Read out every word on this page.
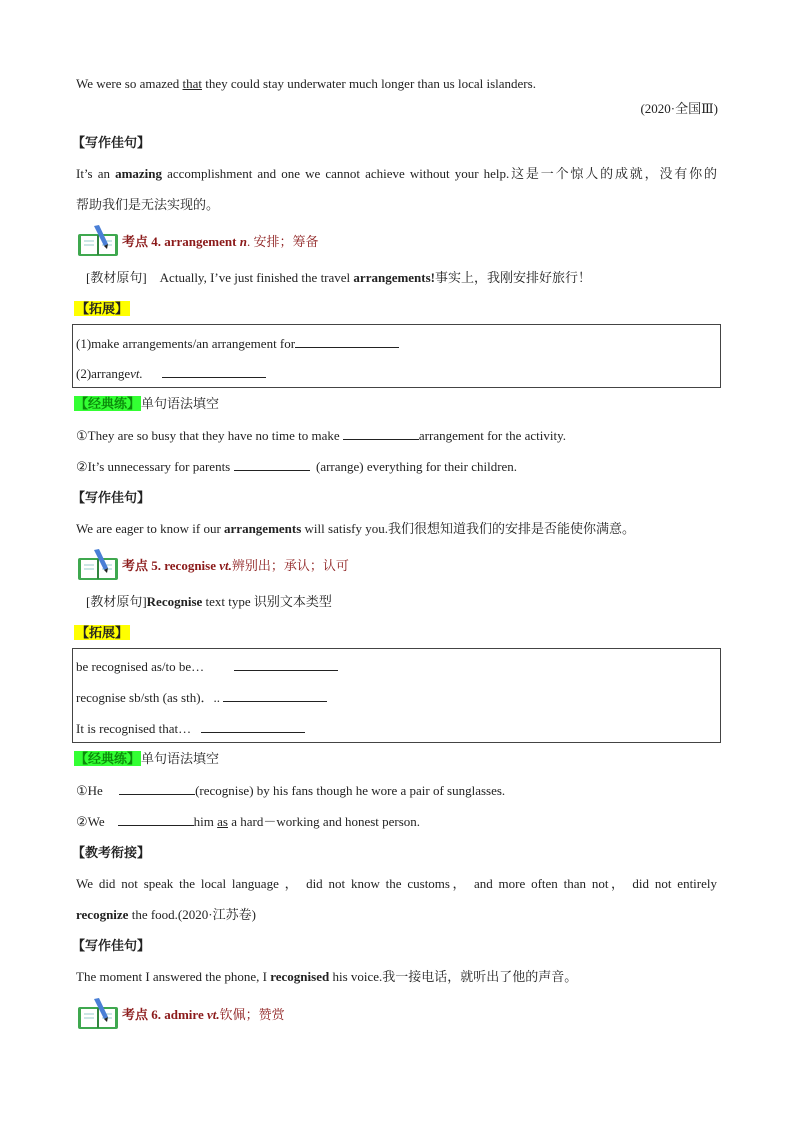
We were so amazed that they could stay underwater much longer than us local islanders.
(2020·全国Ⅲ)
【写作佳句】
It’s an amazing accomplishment and one we cannot achieve without your help.这是一个惊人的成就，没有你的
帮助我们是无法实现的。
考点 4. arrangement n. 安排；筹备
[教材原句] Actually, I’ve just finished the travel arrangements!事实上，我刚安排好旅行！
【拓展】
(1)make arrangements/an arrangement for
(2)arrangevt.
【经典练】单句语法填空
①They are so busy that they have no time to make	arrangement for the activity.
②It’s unnecessary for parents	(arrange) everything for their children.
【写作佳句】
We are eager to know if our arrangements will satisfy you.我们很想知道我们的安排是否能使你满意。
考点 5. recognise vt.辨别出；承认；认可
[教材原句]Recognise text type 识别文本类型
【拓展】
be recognised as/to be…
recognise sb/sth (as sth)．..
It is recognised that…
【经典练】单句语法填空
①He	(recognise) by his fans though he wore a pair of sunglasses.
②We	him as a hard－working and honest person.
【教考衔接】
We did not speak the local language ， did not know the customs， and more often than not， did not entirely
recognize the food.(2020·江苏卷)
【写作佳句】
The moment I answered the phone, I recognised his voice.我一接电话，就听出了他的声音。
考点 6. admire vt.钦佩；赞赏
